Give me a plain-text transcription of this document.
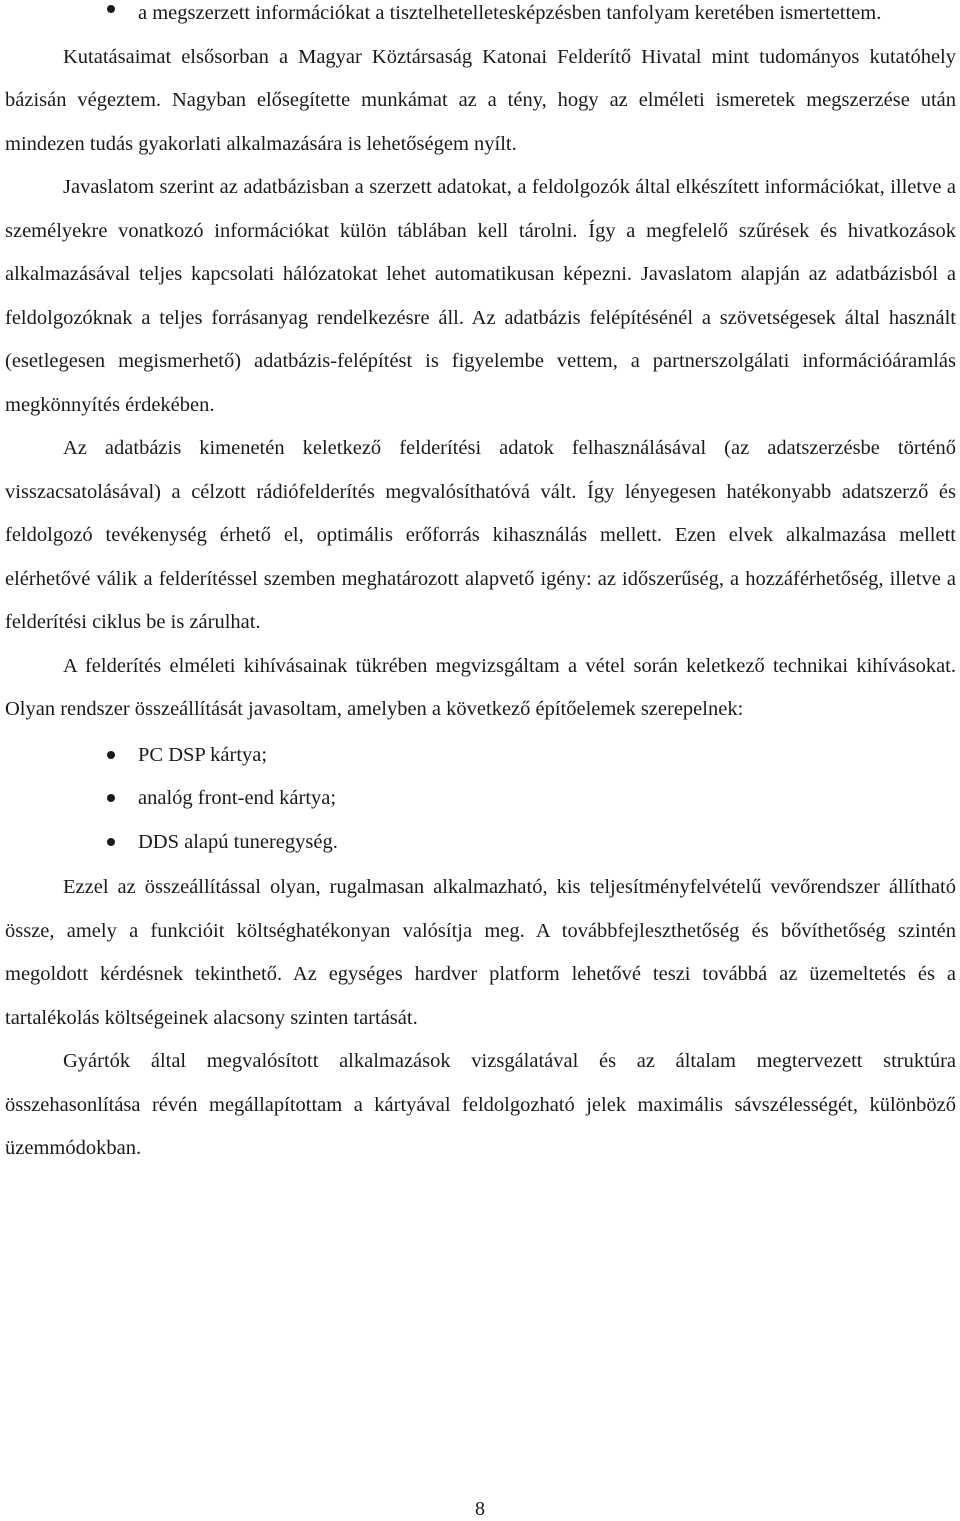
a megszerzett információkat a tisztelhetelletesképzésben tanfolyam keretében ismertettem.

Kutatásaimat elsősorban a Magyar Köztársaság Katonai Felderítő Hivatal mint tudományos kutatóhely bázisán végeztem. Nagyban elősegítette munkámat az a tény, hogy az elméleti ismeretek megszerzése után mindezen tudás gyakorlati alkalmazására is lehetőségem nyílt.

Javaslatom szerint az adatbázisban a szerzett adatokat, a feldolgozók által elkészített információkat, illetve a személyekre vonatkozó információkat külön táblában kell tárolni. Így a megfelelő szűrések és hivatkozások alkalmazásával teljes kapcsolati hálózatokat lehet automatikusan képezni. Javaslatom alapján az adatbázisból a feldolgozóknak a teljes forrásanyag rendelkezésre áll. Az adatbázis felépítésénél a szövetségesek által használt (esetlegesen megismerhető) adatbázis-felépítést is figyelembe vettem, a partnerszolgálati információáramlás megkönnyítés érdekében.

Az adatbázis kimenetén keletkező felderítési adatok felhasználásával (az adatszerzésbe történő visszacsatolásával) a célzott rádiófelderítés megvalósíthatóvá vált. Így lényegesen hatékonyabb adatszerző és feldolgozó tevékenység érhető el, optimális erőforrás kihasználás mellett. Ezen elvek alkalmazása mellett elérhetővé válik a felderítéssel szemben meghatározott alapvető igény: az időszerűség, a hozzáférhetőség, illetve a felderítési ciklus be is zárulhat.

A felderítés elméleti kihívásainak tükrében megvizsgáltam a vétel során keletkező technikai kihívásokat. Olyan rendszer összeállítását javasoltam, amelyben a következő építőelemek szerepelnek:

PC DSP kártya;
analóg front-end kártya;
DDS alapú tuneregység.

Ezzel az összeállítással olyan, rugalmasan alkalmazható, kis teljesítményfelvételű vevőrendszer állítható össze, amely a funkcióit költséghatékonyan valósítja meg. A továbbfejleszthetőség és bővíthetőség szintén megoldott kérdésnek tekinthető. Az egységes hardver platform lehetővé teszi továbbá az üzemeltetés és a tartalékolás költségeinek alacsony szinten tartását.

Gyártók által megvalósított alkalmazások vizsgálatával és az általam megtervezett struktúra összehasonlítása révén megállapítottam a kártyával feldolgozható jelek maximális sávszélességét, különböző üzemmódokban.

8
